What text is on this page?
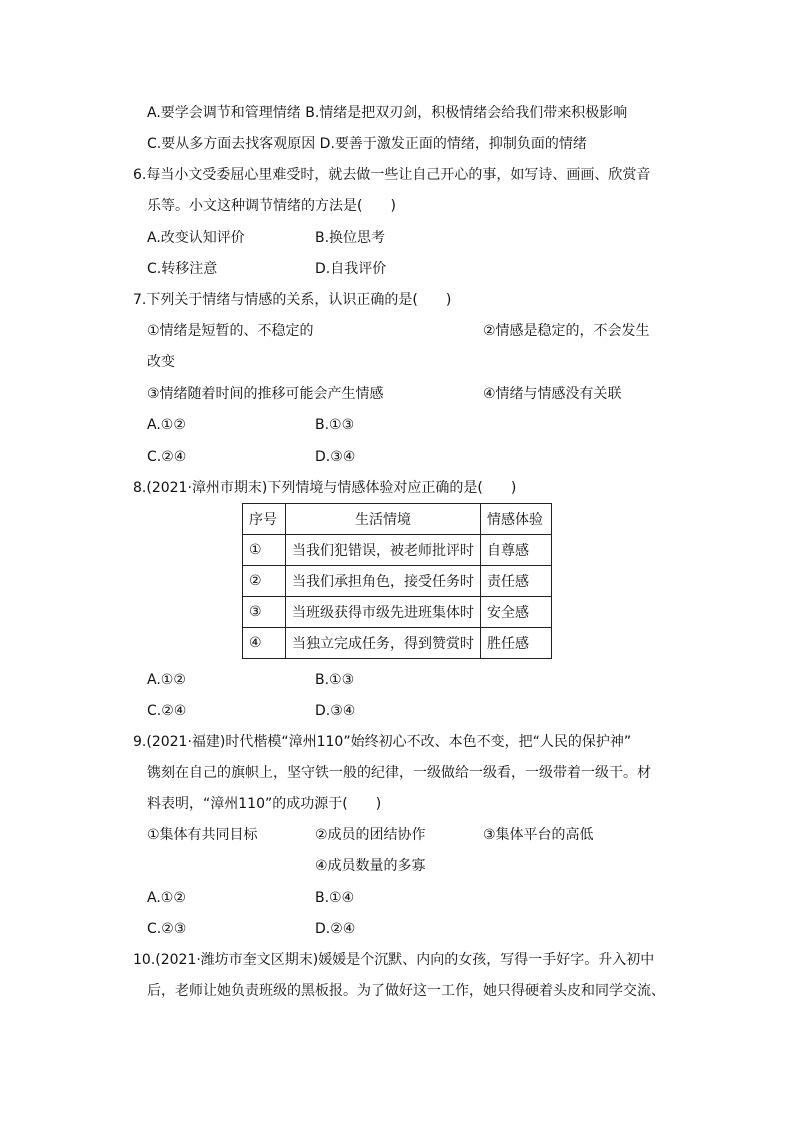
A.要学会调节和管理情绪 B.情绪是把双刃剑，积极情绪会给我们带来积极影响
C.要从多方面去找客观原因 D.要善于激发正面的情绪，抑制负面的情绪
6.每当小文受委屈心里难受时，就去做一些让自己开心的事，如写诗、画画、欣赏音
乐等。小文这种调节情绪的方法是(　　)
A.改变认知评价	B.换位思考
C.转移注意	D.自我评价
7.下列关于情绪与情感的关系，认识正确的是(　　)
①情绪是短暂的、不稳定的	②情感是稳定的，不会发生
改变
③情绪随着时间的推移可能会产生情感	④情绪与情感没有关联
A.①②	B.①③
C.②④	D.③④
8.(2021·漳州市期末)下列情境与情感体验对应正确的是(　　)
序号	生活情境	情感体验
①	当我们犯错误，被老师批评时	自尊感
②	当我们承担角色，接受任务时	责任感
③	当班级获得市级先进班集体时	安全感
④	当独立完成任务，得到赞赏时	胜任感
A.①②	B.①③
C.②④	D.③④
9.(2021·福建)时代楷模“漳州110”始终初心不改、本色不变，把“人民的保护神”
镌刻在自己的旗帜上，坚守铁一般的纪律，一级做给一级看，一级带着一级干。材
料表明，“漳州110”的成功源于(　　)
①集体有共同目标	②成员的团结协作	③集体平台的高低
④成员数量的多寡
A.①②	B.①④
C.②③	D.②④
10.(2021·潍坊市奎文区期末)媛媛是个沉默、内向的女孩，写得一手好字。升入初中
后，老师让她负责班级的黑板报。为了做好这一工作，她只得硬着头皮和同学交流、
